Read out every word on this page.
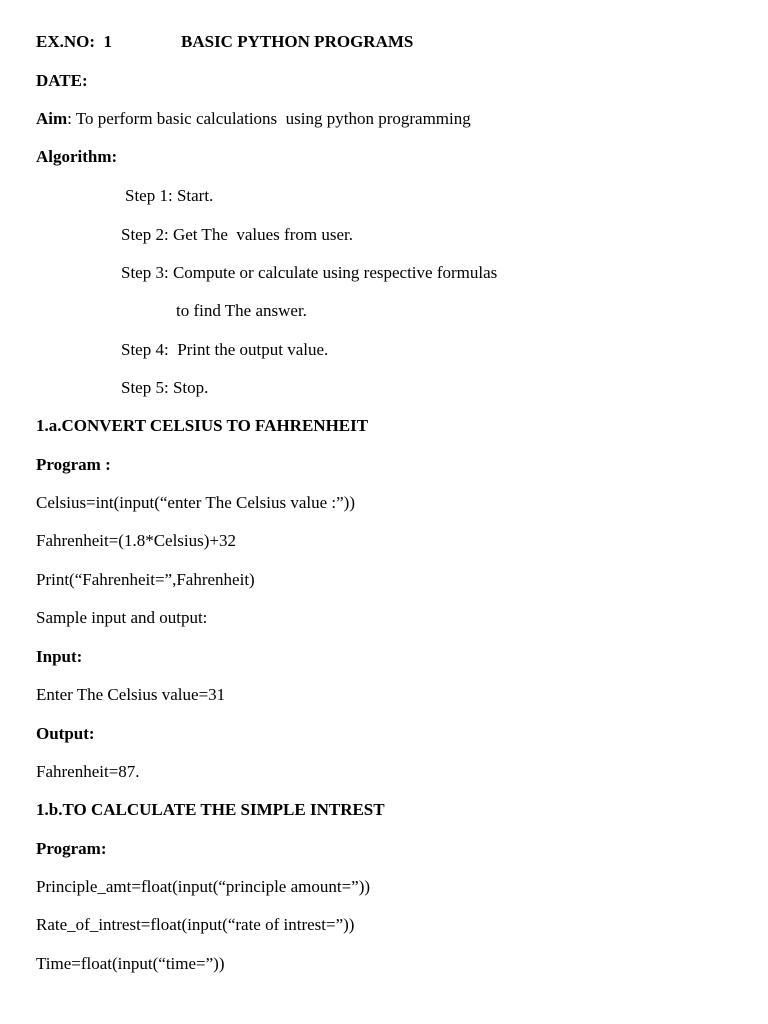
EX.NO:  1	BASIC PYTHON PROGRAMS
DATE:
Aim: To perform basic calculations  using python programming
Algorithm:
Step 1: Start.
Step 2: Get The  values from user.
Step 3: Compute or calculate using respective formulas
to find The answer.
Step 4:  Print the output value.
Step 5: Stop.
1.a.CONVERT CELSIUS TO FAHRENHEIT
Program :
Celsius=int(input(“enter The Celsius value :”))
Fahrenheit=(1.8*Celsius)+32
Print(“Fahrenheit=”,Fahrenheit)
Sample input and output:
Input:
Enter The Celsius value=31
Output:
Fahrenheit=87.
1.b.TO CALCULATE THE SIMPLE INTREST
Program:
Principle_amt=float(input(“principle amount=”))
Rate_of_intrest=float(input(“rate of intrest=”))
Time=float(input(“time=”))
